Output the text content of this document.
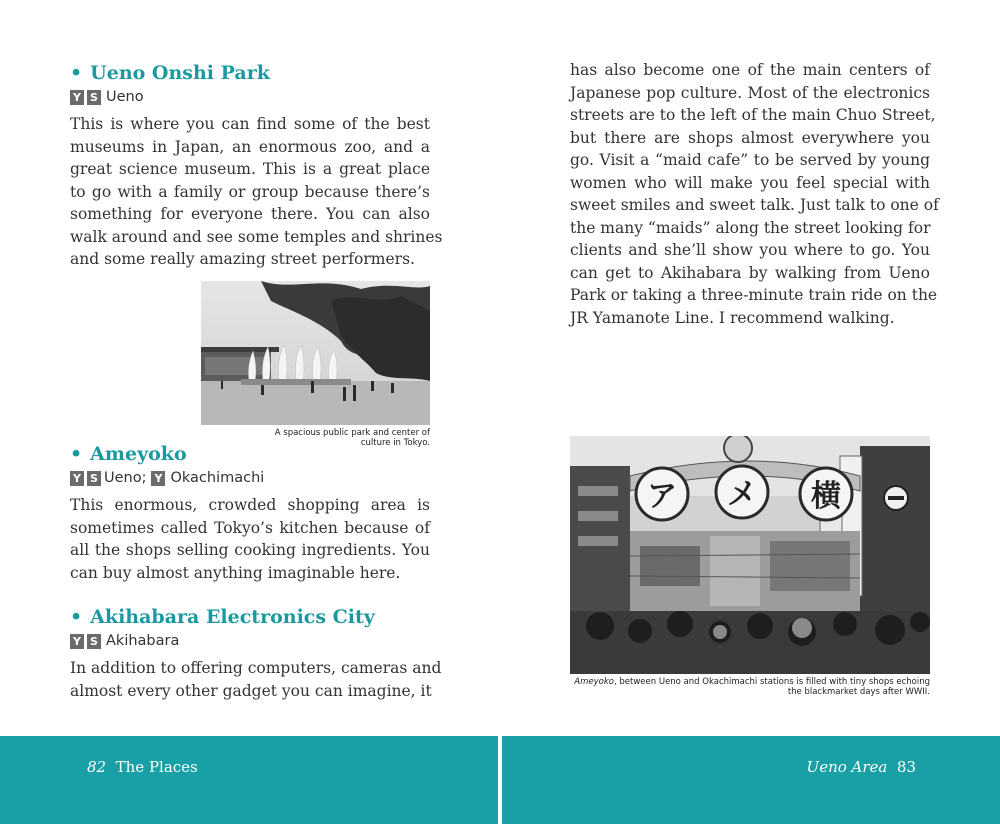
• Ueno Onshi Park
Y S Ueno
This is where you can find some of the best
museums in Japan, an enormous zoo, and a
great science museum. This is a great place
to go with a family or group because there’s
something for everyone there. You can also
walk around and see some temples and shrines
and some really amazing street performers.
A spacious public park and center of
culture in Tokyo.
• Ameyoko
Y S Ueno; Y Okachimachi
This enormous, crowded shopping area is
sometimes called Tokyo’s kitchen because of
all the shops selling cooking ingredients. You
can buy almost anything imaginable here.
• Akihabara Electronics City
Y S Akihabara
In addition to offering computers, cameras and
almost every other gadget you can imagine, it
82 The Places
has also become one of the main centers of
Japanese pop culture. Most of the electronics
streets are to the left of the main Chuo Street,
but there are shops almost everywhere you
go. Visit a “maid cafe” to be served by young
women who will make you feel special with
sweet smiles and sweet talk. Just talk to one of
the many “maids” along the street looking for
clients and she’ll show you where to go. You
can get to Akihabara by walking from Ueno
Park or taking a three-minute train ride on the
JR Yamanote Line. I recommend walking.
ア メ 横
Ameyoko, between Ueno and Okachimachi stations is filled with tiny shops echoing
the blackmarket days after WWII.
Ueno Area 83
